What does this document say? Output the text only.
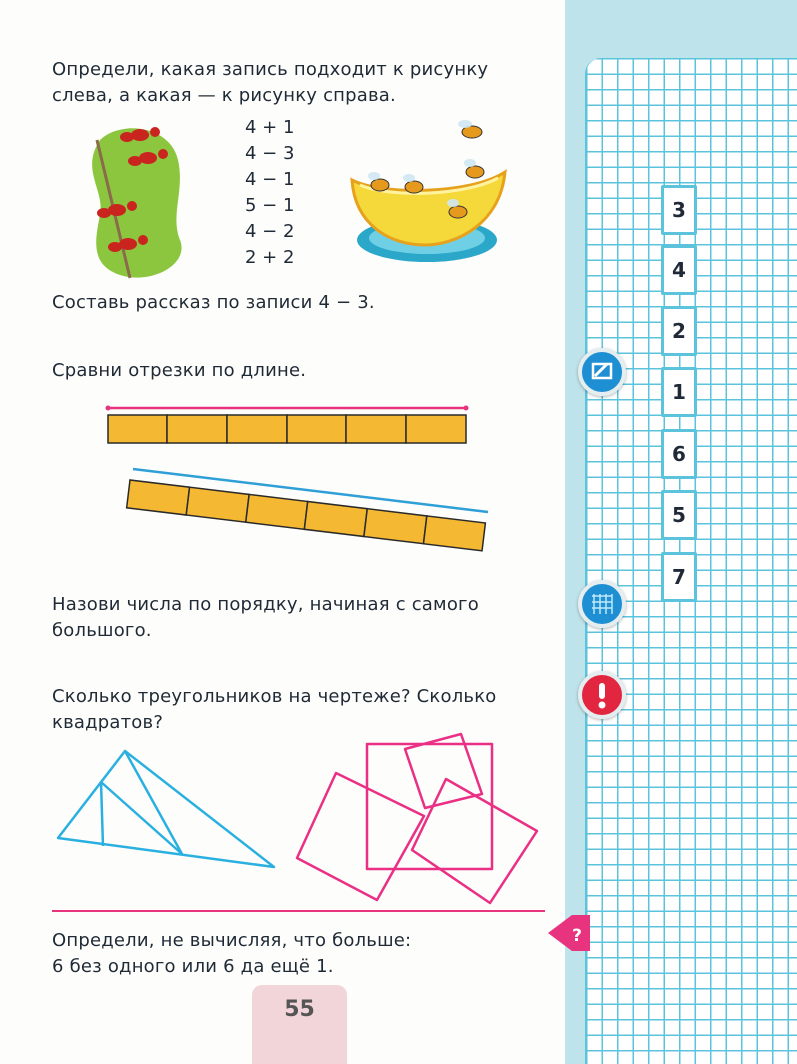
Определи, какая запись подходит к рисунку
слева, а какая — к рисунку справа.
4 + 1
4 − 3
4 − 1
5 − 1
4 − 2
2 + 2
Составь рассказ по записи 4 − 3.
Сравни отрезки по длине.
Назови числа по порядку, начиная с самого
большого.
3
4
2
1
6
5
7
Сколько треугольников на чертеже? Сколько
квадратов?
?
Определи, не вычисляя, что больше:
6 без одного или 6 да ещё 1.
55
